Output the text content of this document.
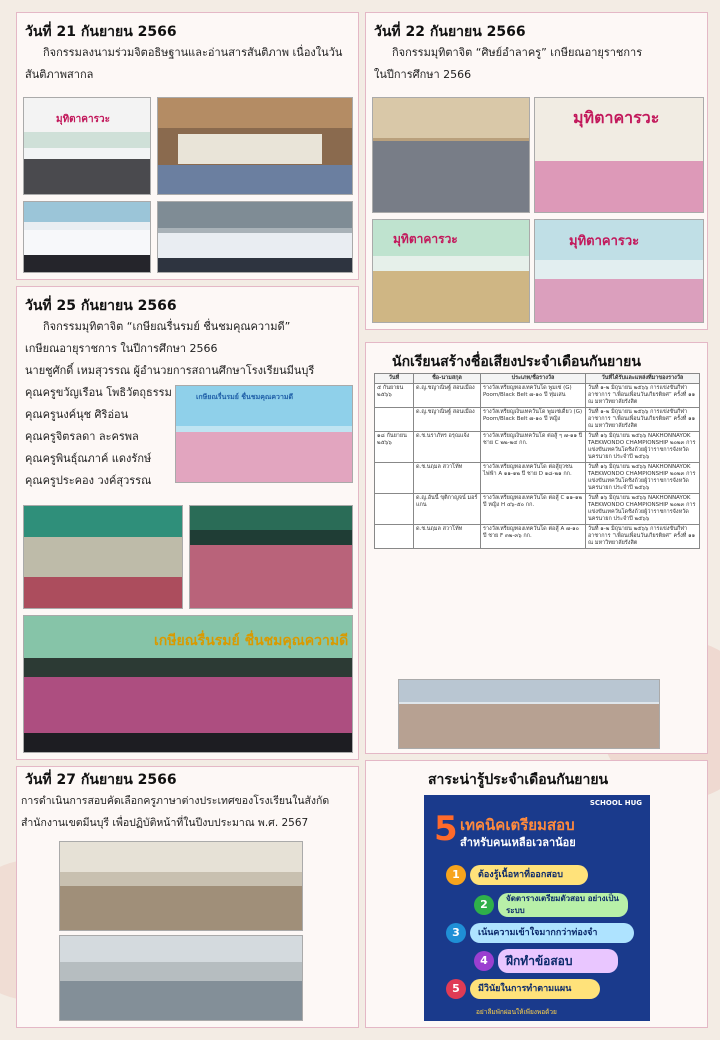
วันที่ 21 กันยายน 2566
กิจกรรมลงนามร่วมจิตอธิษฐานและอ่านสารสันติภาพ เนื่องในวัน
สันติภาพสากล
มุทิตาคารวะ
วันที่ 22 กันยายน 2566
กิจกรรมมุทิตาจิต “ศิษย์อำลาครู” เกษียณอายุราชการ
ในปีการศึกษา 2566
มุทิตาคารวะ
มุทิตาคารวะ	มุทิตาคารวะ
วันที่ 25 กันยายน 2566
กิจกรรมมุทิตาจิต “เกษียณรื่นรมย์ ชื่นชมคุณความดี”
เกษียณอายุราชการ ในปีการศึกษา 2566
นายชูศักดิ์ เหมสุวรรณ ผู้อำนวยการสถานศึกษาโรงเรียนมีนบุรี
คุณครูขวัญเรือน โพธิวัตถุธรรม
คุณครูนงค์นุช ศิริอ่อน
คุณครูจิตรลดา ละครพล
คุณครูพินธุ์ณภาค์ แดงรักษ์
คุณครูประคอง วงค์สุวรรณ
เกษียณรื่นรมย์ ชื่นชมคุณความดี
เกษียณรื่นรมย์ ชื่นชมคุณความดี
นักเรียนสร้างชื่อเสียงประจำเดือนกันยายน
วันที่	ชื่อ-นามสกุล	ประเภท/ชื่อรางวัล	วันที่ได้รับและแหล่งที่มาของรางวัล
๕ กันยายน ๒๕๖๖	ด.ญ.ชญาณิษฐ์ สอนเมือง	รางวัลเหรียญทองเทควันโด พูมเซ่ (G) Poom/Black Belt ๗-๑๐ ปี ทุ่มเสน	วันที่ ๑-๒ มิถุนายน ๒๕๖๖ การแข่งขันกีฬาอาชาการ “เพื่อนเพื่อนวันเกียรติยศ” ครั้งที่ ๑๑ ณ มหาวิทยาลัยรังสิต
	ด.ญ.ชญาณิษฐ์ สอนเมือง	รางวัลเหรียญเงินเทควันโด พูมเซ่เดี่ยว (G) Poom/Black Belt ๗-๑๐ ปี หญิง	วันที่ ๑-๒ มิถุนายน ๒๕๖๖ การแข่งขันกีฬาอาชาการ “เพื่อนเพื่อนวันเกียรติยศ” ครั้งที่ ๑๑ ณ มหาวิทยาลัยรังสิต
๑๘ กันยายน ๒๕๖๖	ด.ช.นราภัทร อรุณแจ้ง	รางวัลเหรียญเงินเทควันโด ต่อสู้ ๆ ๗-๑๑ ปี ชาย C ๒๒-๒๔ กก.	วันที่ ๑๖ มิถุนายน ๒๕๖๖ NAKHONNAYOK TAEKWONDO CHAMPIONSHIP ๒๐๒๓ การแข่งขันเทควันโดชิงถ้วยผู้ว่าราชการจังหวัดนครนายก ประจำปี ๒๕๖๖
	ด.ช.นฤมล สวาโท้ท	รางวัลเหรียญทองเทควันโด ต่อสู้ยุวชนไฟฟ้า A ๑๑-๑๒ ปี ชาย D ๑๘-๒๑ กก.	วันที่ ๑๖ มิถุนายน ๒๕๖๖ NAKHONNAYOK TAEKWONDO CHAMPIONSHIP ๒๐๒๓ การแข่งขันเทควันโดชิงถ้วยผู้ว่าราชการจังหวัดนครนายก ประจำปี ๒๕๖๖
	ด.ญ.อันนี้ ขุติกาญจน์ มอร์แกน	รางวัลเหรียญทองเทควันโด ต่อสู้ C ๑๑-๑๒ ปี หญิง H ๔๖-๕๐ กก.	วันที่ ๑๖ มิถุนายน ๒๕๖๖ NAKHONNAYOK TAEKWONDO CHAMPIONSHIP ๒๐๒๓ การแข่งขันเทควันโดชิงถ้วยผู้ว่าราชการจังหวัดนครนายก ประจำปี ๒๕๖๖
	ด.ช.นฤมล สวาโท้ท	รางวัลเหรียญทองเทควันโด ต่อสู้ A ๗-๑๐ ปี ชาย F ๓๒-๓๖ กก.	วันที่ ๑-๒ มิถุนายน ๒๕๖๖ การแข่งขันกีฬาอาชาการ “เพื่อนเพื่อนวันเกียรติยศ” ครั้งที่ ๑๑ ณ มหาวิทยาลัยรังสิต
วันที่ 27 กันยายน 2566
การดำเนินการสอบคัดเลือกครูภาษาต่างประเทศของโรงเรียนในสังกัด
สำนักงานเขตมีนบุรี เพื่อปฏิบัติหน้าที่ในปีงบประมาณ พ.ศ. 2567
สาระน่ารู้ประจำเดือนกันยายน
SCHOOL HUG
5 เทคนิคเตรียมสอบ
สำหรับคนเหลือเวลาน้อย
1	ต้องรู้เนื้อหาที่ออกสอบ
2	จัดตารางเตรียมตัวสอบ อย่างเป็นระบบ
3	เน้นความเข้าใจมากกว่าท่องจำ
4	ฝึกทำข้อสอบ
5	มีวินัยในการทำตามแผน
อย่าลืมพักผ่อนให้เพียงพอด้วย
